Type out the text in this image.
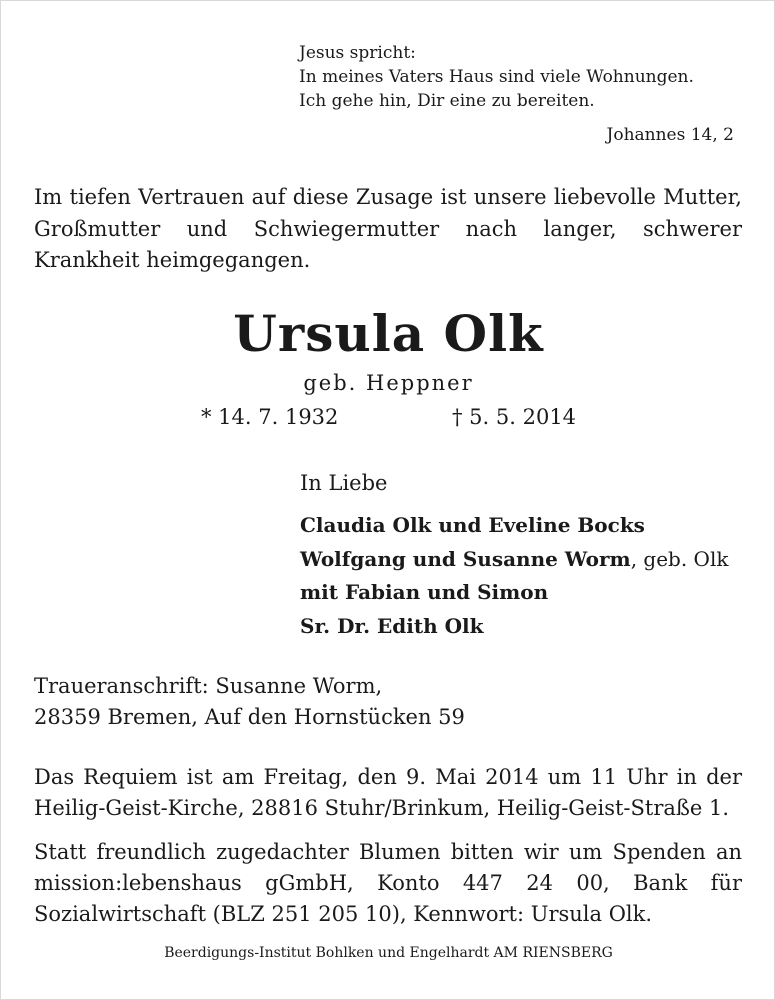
Jesus spricht:
In meines Vaters Haus sind viele Wohnungen.
Ich gehe hin, Dir eine zu bereiten.
Johannes 14, 2
Im tiefen Vertrauen auf diese Zusage ist unsere liebevolle Mutter, Großmutter und Schwiegermutter nach langer, schwerer Krankheit heimgegangen.
Ursula Olk
geb. Heppner
* 14. 7. 1932	† 5. 5. 2014
In Liebe
Claudia Olk und Eveline Bocks
Wolfgang und Susanne Worm, geb. Olk
mit Fabian und Simon
Sr. Dr. Edith Olk
Traueranschrift: Susanne Worm,
28359 Bremen, Auf den Hornstücken 59
Das Requiem ist am Freitag, den 9. Mai 2014 um 11 Uhr in der Heilig-Geist-Kirche, 28816 Stuhr/Brinkum, Heilig-Geist-Straße 1.
Statt freundlich zugedachter Blumen bitten wir um Spenden an mission:lebenshaus gGmbH, Konto 447 24 00, Bank für Sozialwirtschaft (BLZ 251 205 10), Kennwort: Ursula Olk.
Beerdigungs-Institut Bohlken und Engelhardt AM RIENSBERG
